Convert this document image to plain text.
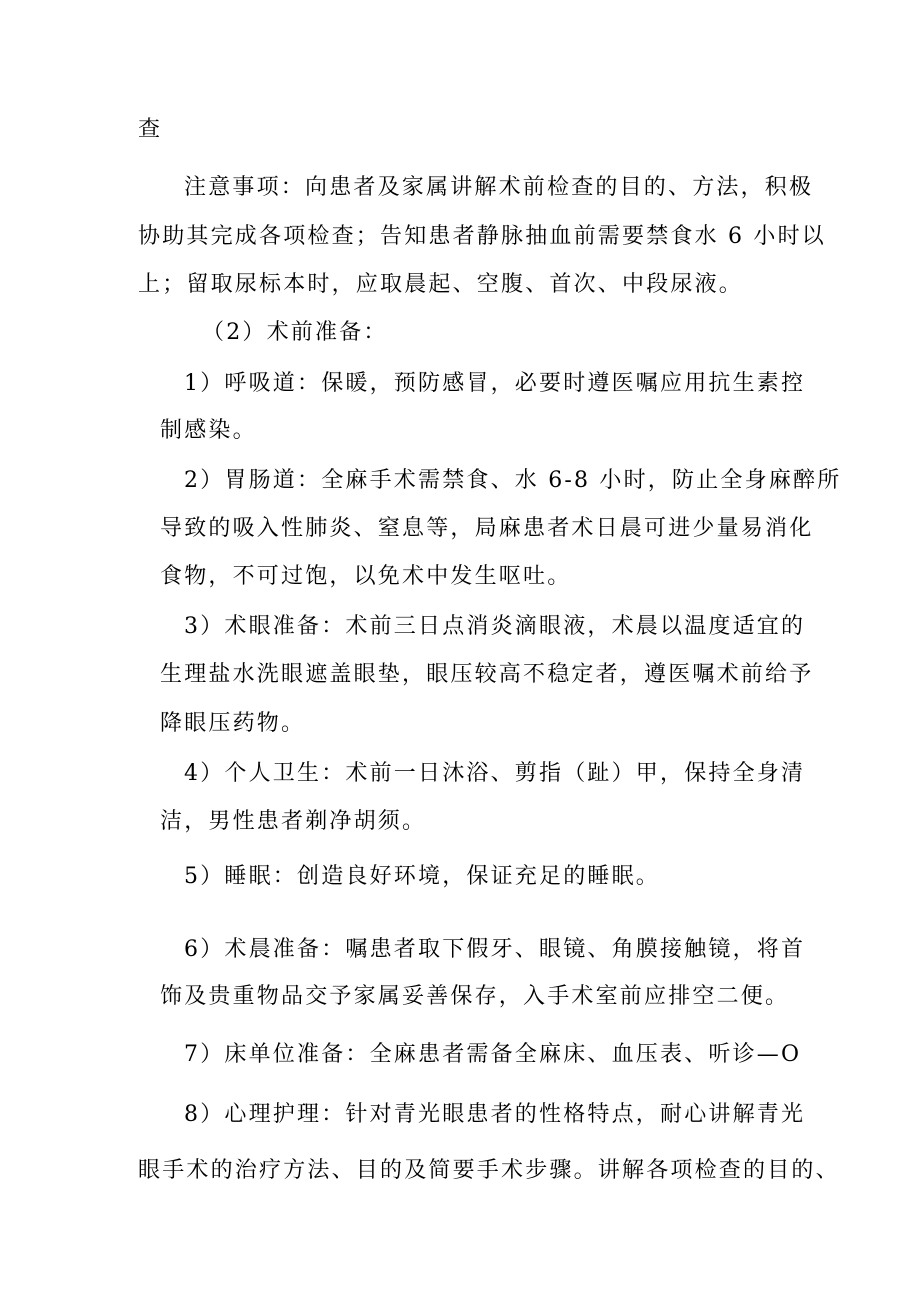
查
注意事项：向患者及家属讲解术前检查的目的、方法，积极
协助其完成各项检查；告知患者静脉抽血前需要禁食水 6 小时以
上；留取尿标本时，应取晨起、空腹、首次、中段尿液。
（2）术前准备：
1）呼吸道：保暖，预防感冒，必要时遵医嘱应用抗生素控
制感染。
2）胃肠道：全麻手术需禁食、水 6-8 小时，防止全身麻醉所
导致的吸入性肺炎、窒息等，局麻患者术日晨可进少量易消化
食物，不可过饱，以免术中发生呕吐。
3）术眼准备：术前三日点消炎滴眼液，术晨以温度适宜的
生理盐水洗眼遮盖眼垫，眼压较高不稳定者，遵医嘱术前给予
降眼压药物。
4）个人卫生：术前一日沐浴、剪指（趾）甲，保持全身清
洁，男性患者剃净胡须。
5）睡眠：创造良好环境，保证充足的睡眠。
6）术晨准备：嘱患者取下假牙、眼镜、角膜接触镜，将首
饰及贵重物品交予家属妥善保存，入手术室前应排空二便。
7）床单位准备：全麻患者需备全麻床、血压表、听诊—O
8）心理护理：针对青光眼患者的性格特点，耐心讲解青光
眼手术的治疗方法、目的及简要手术步骤。讲解各项检查的目的、
